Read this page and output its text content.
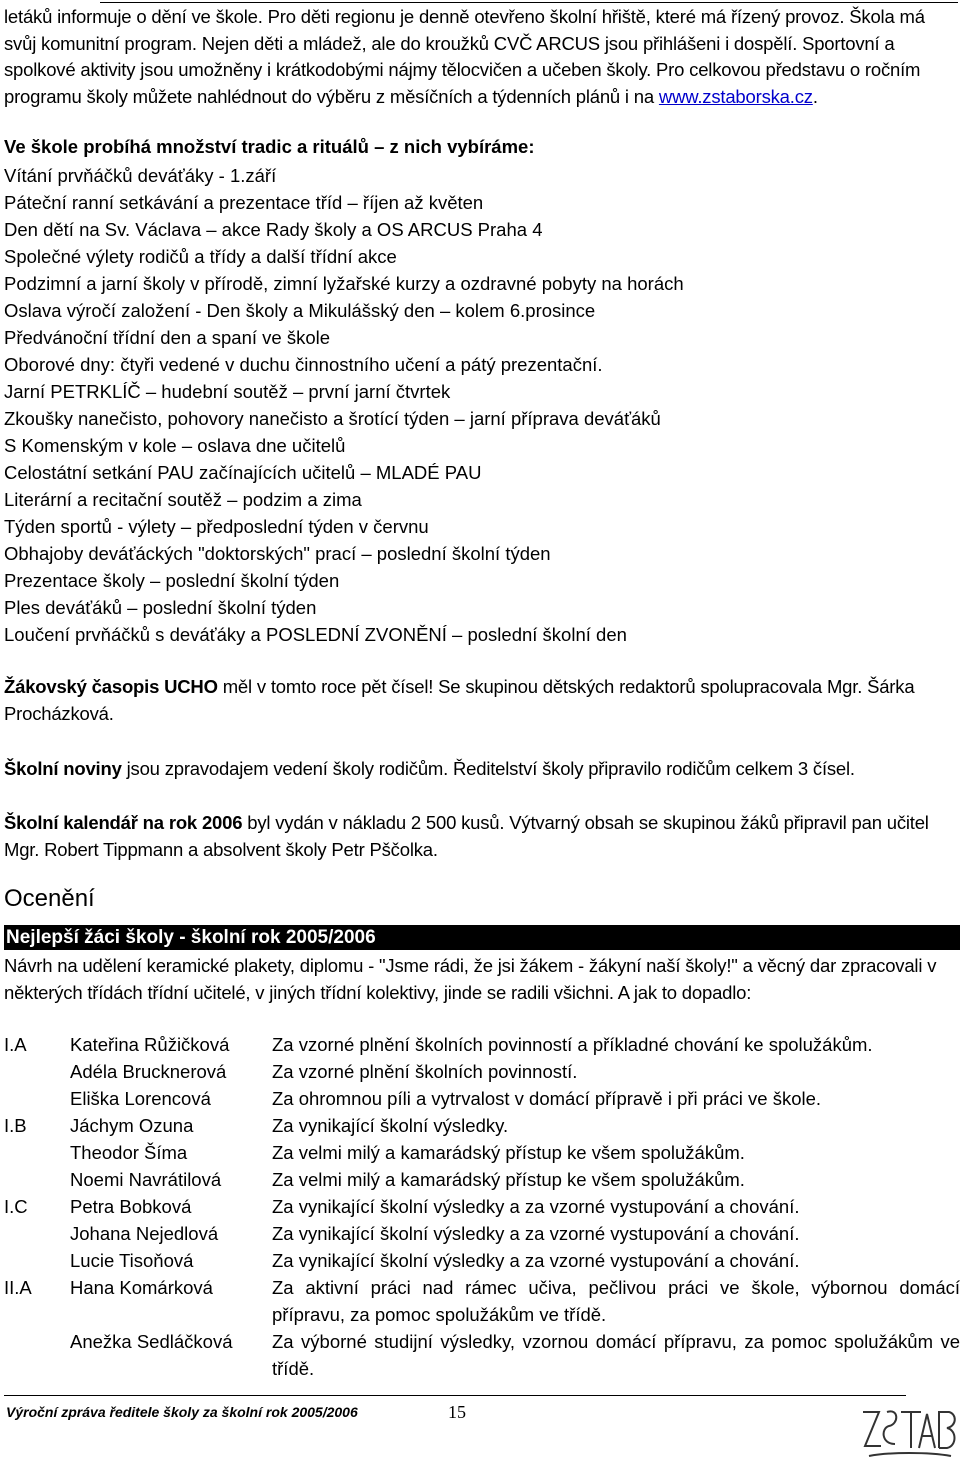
letáků informuje o dění ve škole. Pro děti regionu je denně otevřeno školní hřiště, které má řízený provoz. Škola má svůj komunitní program. Nejen děti a mládež, ale do kroužků CVČ ARCUS jsou přihlášeni i dospělí. Sportovní a spolkové aktivity jsou umožněny i krátkodobými nájmy tělocvičen a učeben školy. Pro celkovou představu o ročním programu školy můžete nahlédnout do výběru z měsíčních a týdenních plánů i na www.zstaborska.cz.

Ve škole probíhá množství tradic a rituálů – z nich vybíráme:
Vítání prvňáčků deváťáky - 1.září
Páteční ranní setkávání a prezentace tříd – říjen až květen
Den dětí na Sv. Václava – akce Rady školy a OS ARCUS Praha 4
Společné výlety rodičů a třídy a další třídní akce
Podzimní a jarní školy v přírodě, zimní lyžařské kurzy a ozdravné pobyty na horách
Oslava výročí založení - Den školy a Mikulášský den – kolem 6.prosince
Předvánoční třídní den a spaní ve škole
Oborové dny: čtyři vedené v duchu činnostního učení a pátý prezentační.
Jarní PETRKLÍČ – hudební soutěž – první jarní čtvrtek
Zkoušky nanečisto, pohovory nanečisto a šrotící týden – jarní příprava deváťáků
S Komenským v kole – oslava dne učitelů
Celostátní setkání PAU začínajících učitelů – MLADÉ PAU
Literární a recitační soutěž – podzim a zima
Týden sportů - výlety – předposlední týden v červnu
Obhajoby deváťáckých "doktorských" prací – poslední školní týden
Prezentace školy – poslední školní týden
Ples deváťáků – poslední školní týden
Loučení prvňáčků s deváťáky a POSLEDNÍ ZVONĚNÍ – poslední školní den

Žákovský časopis UCHO měl v tomto roce pět čísel! Se skupinou dětských redaktorů spolupracovala Mgr. Šárka Procházková.

Školní noviny jsou zpravodajem vedení školy rodičům. Ředitelství školy připravilo rodičům celkem 3 čísel.

Školní kalendář na rok 2006 byl vydán v nákladu 2 500 kusů. Výtvarný obsah se skupinou žáků připravil pan učitel Mgr. Robert Tippmann a absolvent školy Petr Pščolka.

Ocenění
Nejlepší žáci školy - školní rok 2005/2006

Návrh na udělení keramické plakety, diplomu - "Jsme rádi, že jsi žákem - žákyní naší školy!" a věcný dar zpracovali v některých třídách třídní učitelé, v jiných třídní kolektivy, jinde se radili všichni. A jak to dopadlo:

I.A Kateřina Růžičková Za vzorné plnění školních povinností a příkladné chování ke spolužákům.
Adéla Brucknerová Za vzorné plnění školních povinností.
Eliška Lorencová	Za ohromnou píli a vytrvalost v domácí přípravě i při práci ve škole.
I.B Jáchym Ozuna	Za vynikající školní výsledky.
Theodor Šíma	Za velmi milý a kamarádský přístup ke všem spolužákům.
Noemi Navrátilová	Za velmi milý a kamarádský přístup ke všem spolužákům.
I.C Petra Bobková	Za vynikající školní výsledky a za vzorné vystupování a chování.
Johana Nejedlová	Za vynikající školní výsledky a za vzorné vystupování a chování.
Lucie Tisoňová	Za vynikající školní výsledky a za vzorné vystupování a chování.
II.A Hana Komárková	Za aktivní práci nad rámec učiva, pečlivou práci ve škole, výbornou domácí přípravu, za pomoc spolužákům ve třídě.
Anežka Sedláčková Za výborné studijní výsledky, vzornou domácí přípravu, za pomoc spolužákům ve třídě.
Výroční zpráva ředitele školy za školní rok 2005/2006	15
